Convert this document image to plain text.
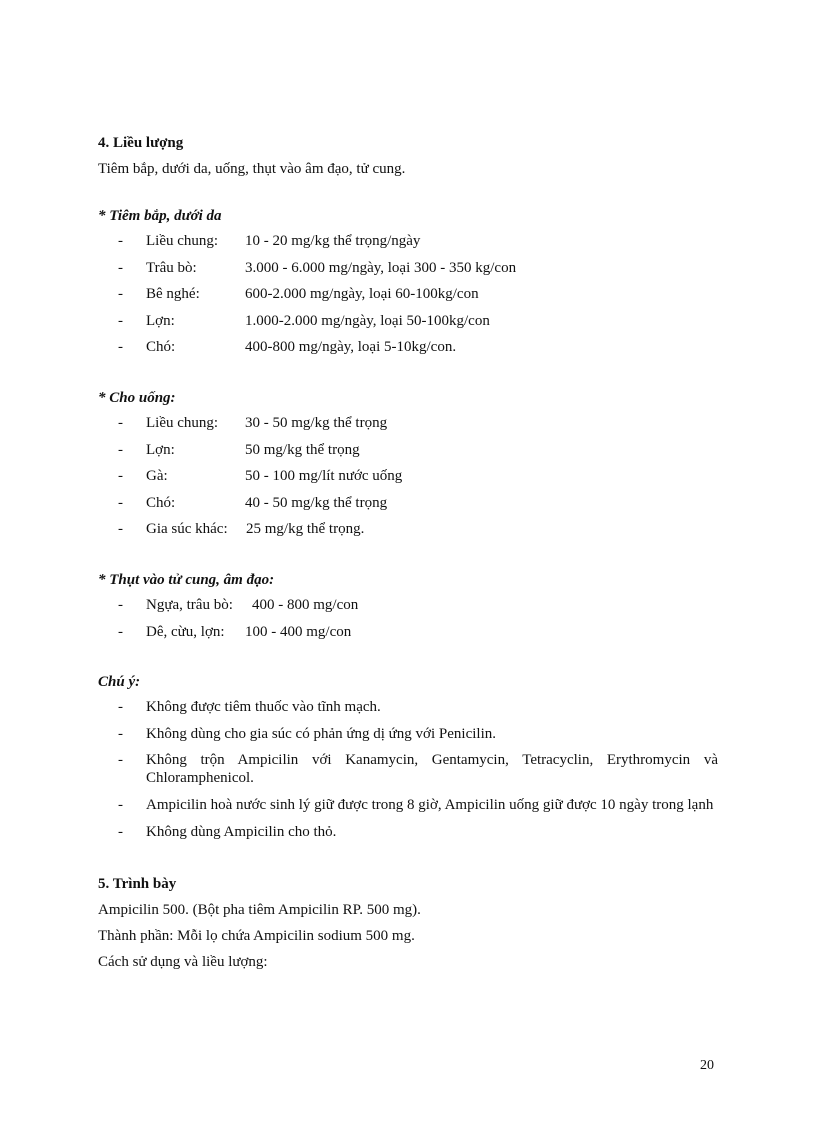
4. Liều lượng

Tiêm bắp, dưới da, uống, thụt vào âm đạo, tử cung.

* Tiêm bắp, dưới da

-	Liều chung:	10 - 20 mg/kg thể trọng/ngày
-	Trâu bò:	3.000 - 6.000 mg/ngày, loại 300 - 350 kg/con
-	Bê nghé:	600-2.000 mg/ngày, loại 60-100kg/con
-	Lợn:	1.000-2.000 mg/ngày, loại 50-100kg/con
-	Chó:	400-800 mg/ngày, loại 5-10kg/con.

* Cho uống:

-	Liều chung:	30 - 50 mg/kg thể trọng
-	Lợn:	50 mg/kg thể trọng
-	Gà:	50 - 100 mg/lít nước uống
-	Chó:	40 - 50 mg/kg thể trọng
-	Gia súc khác:	25 mg/kg thể trọng.

* Thụt vào tử cung, âm đạo:

-	Ngựa, trâu bò:	400 - 800 mg/con
-	Dê, cừu, lợn:	100 - 400 mg/con

Chú ý:

-	Không được tiêm thuốc vào tĩnh mạch.
-	Không dùng cho gia súc có phản ứng dị ứng với Penicilin.
-	Không trộn Ampicilin với Kanamycin, Gentamycin, Tetracyclin, Erythromycin và Chloramphenicol.
-	Ampicilin hoà nước sinh lý giữ được trong 8 giờ, Ampicilin uống giữ được 10 ngày trong lạnh
-	Không dùng Ampicilin cho thỏ.

5. Trình bày

Ampicilin 500. (Bột pha tiêm Ampicilin RP. 500 mg).

Thành phần: Mỗi lọ chứa Ampicilin sodium 500 mg.

Cách sử dụng và liều lượng:

20
